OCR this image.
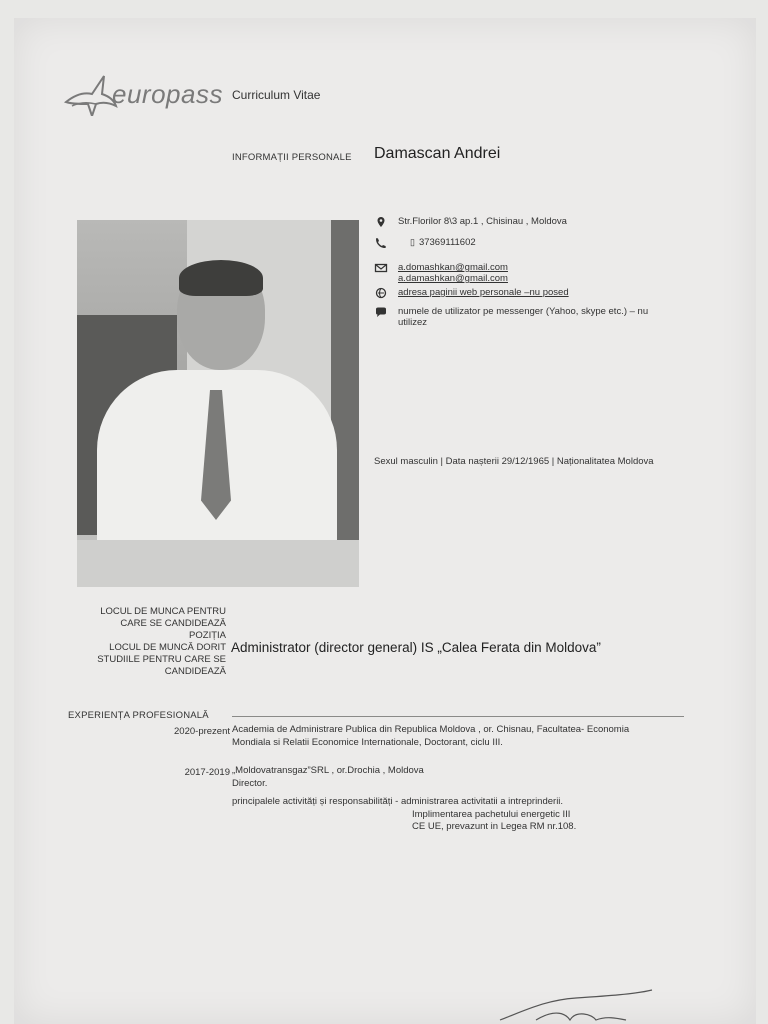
europass Curriculum Vitae
INFORMAȚII PERSONALE Damascan Andrei
Str.Florilor 8\3 ap.1 , Chisinau , Moldova
▯ 37369111602
a.domashkan@gmail.com
a.damashkan@gmail.com
adresa paginii web personale –nu posed
numele de utilizator pe messenger (Yahoo, skype etc.) – nu
utilizez
Sexul masculin | Data nașterii 29/12/1965 | Naționalitatea Moldova
LOCUL DE MUNCA PENTRU
CARE SE CANDIDEAZĂ
POZIȚIA
LOCUL DE MUNCĂ DORIT
STUDIILE PENTRU CARE SE
CANDIDEAZĂ
Administrator (director general) IS „Calea Ferata din Moldova”
EXPERIENȚA PROFESIONALĂ
2020-prezent Academia de Administrare Publica din Republica Moldova , or. Chisnau, Facultatea- Economia
Mondiala si Relatii Economice Internationale, Doctorant, ciclu III.
2017-2019 „Moldovatransgaz”SRL , or.Drochia , Moldova
Director.
principalele activități și responsabilități - administrarea activitatii a intreprinderii.
Implimentarea pachetului energetic III
CE UE, prevazunt in Legea RM nr.108.
